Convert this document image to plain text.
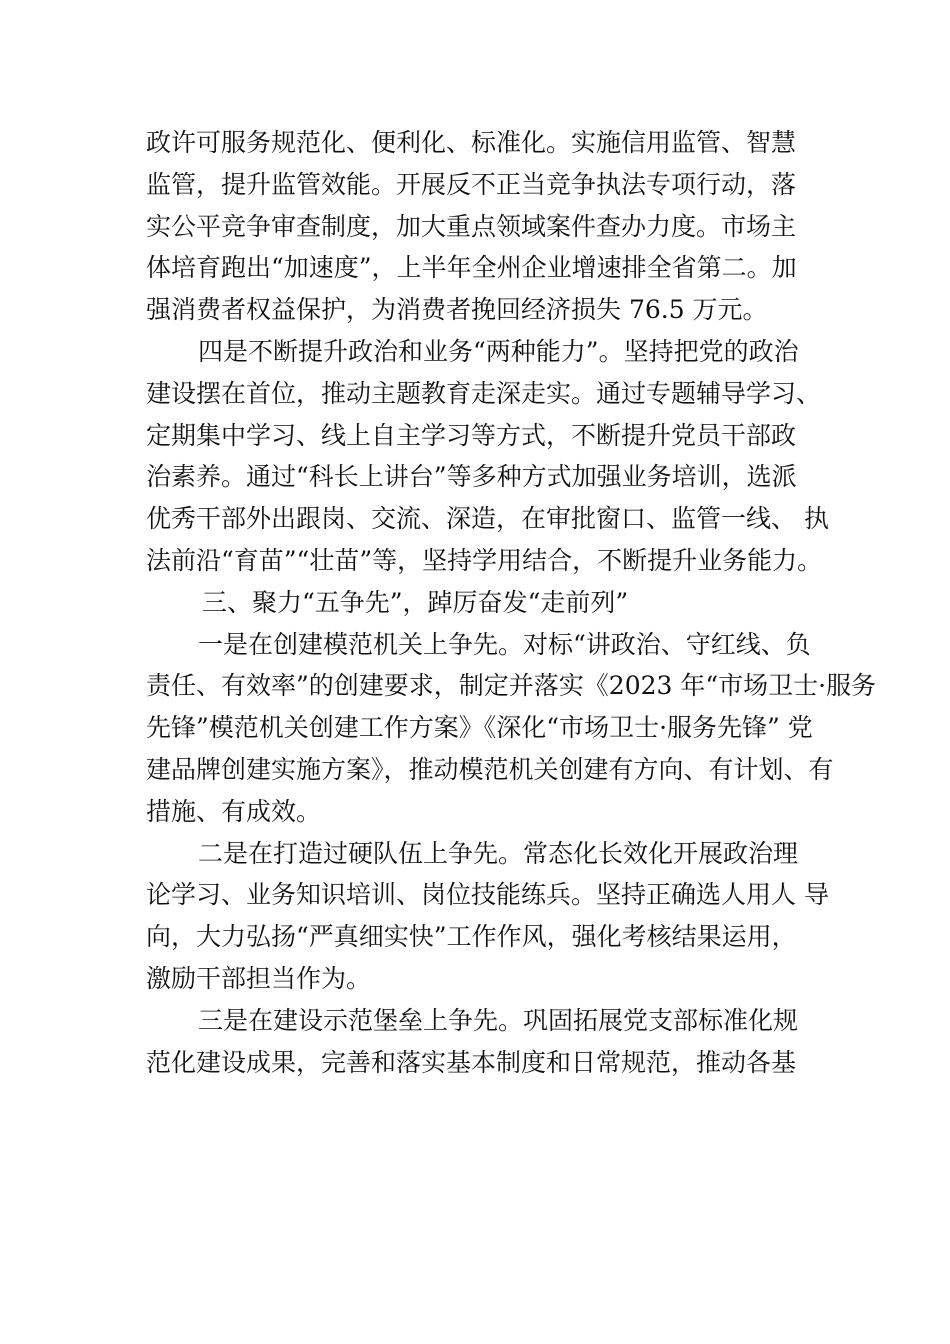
政许可服务规范化、便利化、标准化。实施信用监管、智慧
监管，提升监管效能。开展反不正当竞争执法专项行动，落
实公平竞争审查制度，加大重点领域案件查办力度。市场主
体培育跑出“加速度”，上半年全州企业增速排全省第二。加
强消费者权益保护，为消费者挽回经济损失 76.5 万元。
四是不断提升政治和业务“两种能力”。坚持把党的政治
建设摆在首位，推动主题教育走深走实。通过专题辅导学习、
定期集中学习、线上自主学习等方式，不断提升党员干部政
治素养。通过“科长上讲台”等多种方式加强业务培训，选派
优秀干部外出跟岗、交流、深造，在审批窗口、监管一线、 执
法前沿“育苗”“壮苗”等，坚持学用结合，不断提升业务能力。
三、聚力“五争先”，踔厉奋发“走前列”
一是在创建模范机关上争先。对标“讲政治、守红线、负
责任、有效率”的创建要求，制定并落实《2023 年“市场卫士·服务
先锋”模范机关创建工作方案》《深化“市场卫士·服务先锋” 党
建品牌创建实施方案》，推动模范机关创建有方向、有计划、有
措施、有成效。
二是在打造过硬队伍上争先。常态化长效化开展政治理
论学习、业务知识培训、岗位技能练兵。坚持正确选人用人 导
向，大力弘扬“严真细实快”工作作风，强化考核结果运用，
激励干部担当作为。
三是在建设示范堡垒上争先。巩固拓展党支部标准化规
范化建设成果，完善和落实基本制度和日常规范，推动各基
